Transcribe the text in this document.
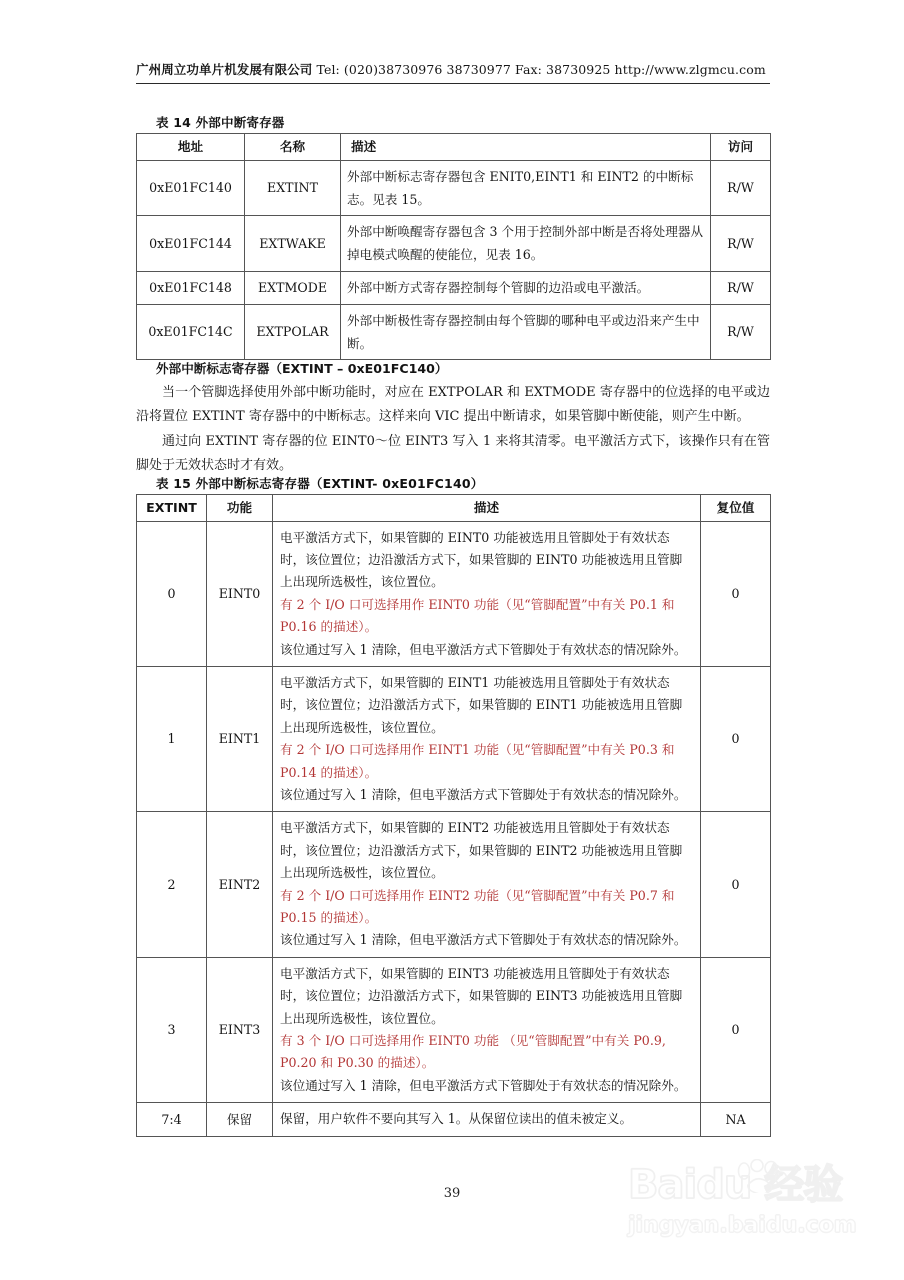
广州周立功单片机发展有限公司 Tel: (020)38730976 38730977 Fax: 38730925 http://www.zlgmcu.com
表 14 外部中断寄存器
地址	名称	描述	访问
0xE01FC140	EXTINT	外部中断标志寄存器包含 ENIT0,EINT1 和 EINT2 的中断标志。见表 15。	R/W
0xE01FC144	EXTWAKE	外部中断唤醒寄存器包含 3 个用于控制外部中断是否将处理器从掉电模式唤醒的使能位，见表 16。	R/W
0xE01FC148	EXTMODE	外部中断方式寄存器控制每个管脚的边沿或电平激活。	R/W
0xE01FC14C	EXTPOLAR	外部中断极性寄存器控制由每个管脚的哪种电平或边沿来产生中断。	R/W
外部中断标志寄存器（EXTINT – 0xE01FC140）

当一个管脚选择使用外部中断功能时，对应在 EXTPOLAR 和 EXTMODE 寄存器中的位选择的电平或边沿将置位 EXTINT 寄存器中的中断标志。这样来向 VIC 提出中断请求，如果管脚中断使能，则产生中断。

通过向 EXTINT 寄存器的位 EINT0～位 EINT3 写入 1 来将其清零。电平激活方式下，该操作只有在管脚处于无效状态时才有效。

表 15 外部中断标志寄存器（EXTINT- 0xE01FC140）
EXTINT	功能	描述	复位值
0	EINT0	电平激活方式下，如果管脚的 EINT0 功能被选用且管脚处于有效状态时，该位置位；边沿激活方式下，如果管脚的 EINT0 功能被选用且管脚上出现所选极性，该位置位。

有 2 个 I/O 口可选择用作 EINT0 功能（见“管脚配置”中有关 P0.1 和 P0.16 的描述）。

该位通过写入 1 清除，但电平激活方式下管脚处于有效状态的情况除外。	0
1	EINT1	电平激活方式下，如果管脚的 EINT1 功能被选用且管脚处于有效状态时，该位置位；边沿激活方式下，如果管脚的 EINT1 功能被选用且管脚上出现所选极性，该位置位。

有 2 个 I/O 口可选择用作 EINT1 功能（见“管脚配置”中有关 P0.3 和 P0.14 的描述）。

该位通过写入 1 清除，但电平激活方式下管脚处于有效状态的情况除外。	0
2	EINT2	电平激活方式下，如果管脚的 EINT2 功能被选用且管脚处于有效状态时，该位置位；边沿激活方式下，如果管脚的 EINT2 功能被选用且管脚上出现所选极性，该位置位。

有 2 个 I/O 口可选择用作 EINT2 功能（见“管脚配置”中有关 P0.7 和 P0.15 的描述）。

该位通过写入 1 清除，但电平激活方式下管脚处于有效状态的情况除外。	0
3	EINT3	电平激活方式下，如果管脚的 EINT3 功能被选用且管脚处于有效状态时，该位置位；边沿激活方式下，如果管脚的 EINT3 功能被选用且管脚上出现所选极性，该位置位。

有 3 个 I/O 口可选择用作 EINT0 功能 （见“管脚配置”中有关 P0.9, P0.20 和 P0.30 的描述）。

该位通过写入 1 清除，但电平激活方式下管脚处于有效状态的情况除外。	0
7:4	保留	保留，用户软件不要向其写入 1。从保留位读出的值未被定义。	NA
39	Baidu 经验
jingyan.baidu.com
